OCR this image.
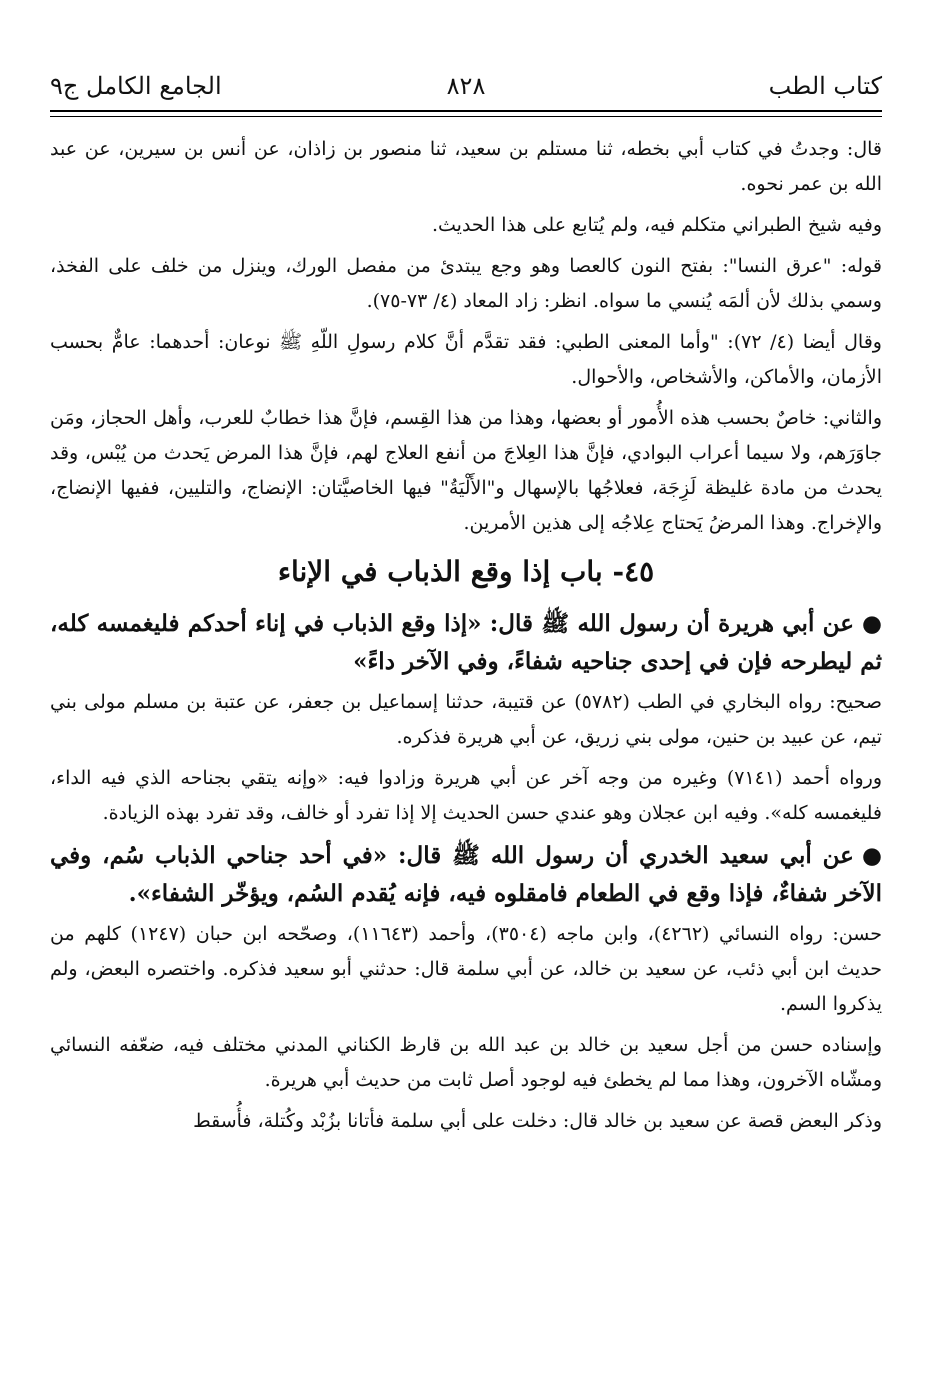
كتاب الطب
٨٢٨
الجامع الكامل ج٩

قال: وجدتُ في كتاب أبي بخطه، ثنا مستلم بن سعيد، ثنا منصور بن زاذان، عن أنس بن سيرين، عن عبد الله بن عمر نحوه.

وفيه شيخ الطبراني متكلم فيه، ولم يُتابع على هذا الحديث.

قوله: "عرق النسا": بفتح النون كالعصا وهو وجع يبتدئ من مفصل الورك، وينزل من خلف على الفخذ، وسمي بذلك لأن ألمَه يُنسي ما سواه. انظر: زاد المعاد (٤/ ٧٣-٧٥).

وقال أيضا (٤/ ٧٢): "وأما المعنى الطبي: فقد تقدَّم أنَّ كلام رسولِ اللّهِ ﷺ نوعان: أحدهما: عامٌّ بحسب الأزمان، والأماكن، والأشخاص، والأحوال.

والثاني: خاصٌ بحسب هذه الأُمور أو بعضها، وهذا من هذا القِسم، فإنَّ هذا خطابٌ للعرب، وأهل الحجاز، ومَن جاوَرَهم، ولا سيما أعراب البوادي، فإنَّ هذا العِلاجَ من أنفع العلاج لهم، فإنَّ هذا المرض يَحدث من يُبْس، وقد يحدث من مادة غليظة لَزِجَة، فعلاجُها بالإسهال و"الأَلْيَةُ" فيها الخاصيَّتان: الإنضاج، والتليين، ففيها الإنضاج، والإخراج. وهذا المرضُ يَحتاج عِلاجُه إلى هذين الأمرين.

٤٥- باب إذا وقع الذباب في الإناء

●عن أبي هريرة أن رسول الله ﷺ قال: «إذا وقع الذباب في إناء أحدكم فليغمسه كله، ثم ليطرحه فإن في إحدى جناحيه شفاءً، وفي الآخر داءً»

صحيح: رواه البخاري في الطب (٥٧٨٢) عن قتيبة، حدثنا إسماعيل بن جعفر، عن عتبة بن مسلم مولى بني تيم، عن عبيد بن حنين، مولى بني زريق، عن أبي هريرة فذكره.

ورواه أحمد (٧١٤١) وغيره من وجه آخر عن أبي هريرة وزادوا فيه: «وإنه يتقي بجناحه الذي فيه الداء، فليغمسه كله». وفيه ابن عجلان وهو عندي حسن الحديث إلا إذا تفرد أو خالف، وقد تفرد بهذه الزيادة.

●عن أبي سعيد الخدري أن رسول الله ﷺ قال: «في أحد جناحي الذباب سُم، وفي الآخر شفاءٌ، فإذا وقع في الطعام فامقلوه فيه، فإنه يُقدم السُم، ويؤخّر الشفاء».

حسن: رواه النسائي (٤٢٦٢)، وابن ماجه (٣٥٠٤)، وأحمد (١١٦٤٣)، وصحّحه ابن حبان (١٢٤٧) كلهم من حديث ابن أبي ذئب، عن سعيد بن خالد، عن أبي سلمة قال: حدثني أبو سعيد فذكره. واختصره البعض، ولم يذكروا السم.

وإسناده حسن من أجل سعيد بن خالد بن عبد الله بن قارظ الكناني المدني مختلف فيه، ضعّفه النسائي ومشّاه الآخرون، وهذا مما لم يخطئ فيه لوجود أصل ثابت من حديث أبي هريرة.

وذكر البعض قصة عن سعيد بن خالد قال: دخلت على أبي سلمة فأتانا بزُبْد وكُتلة، فأُسقط
